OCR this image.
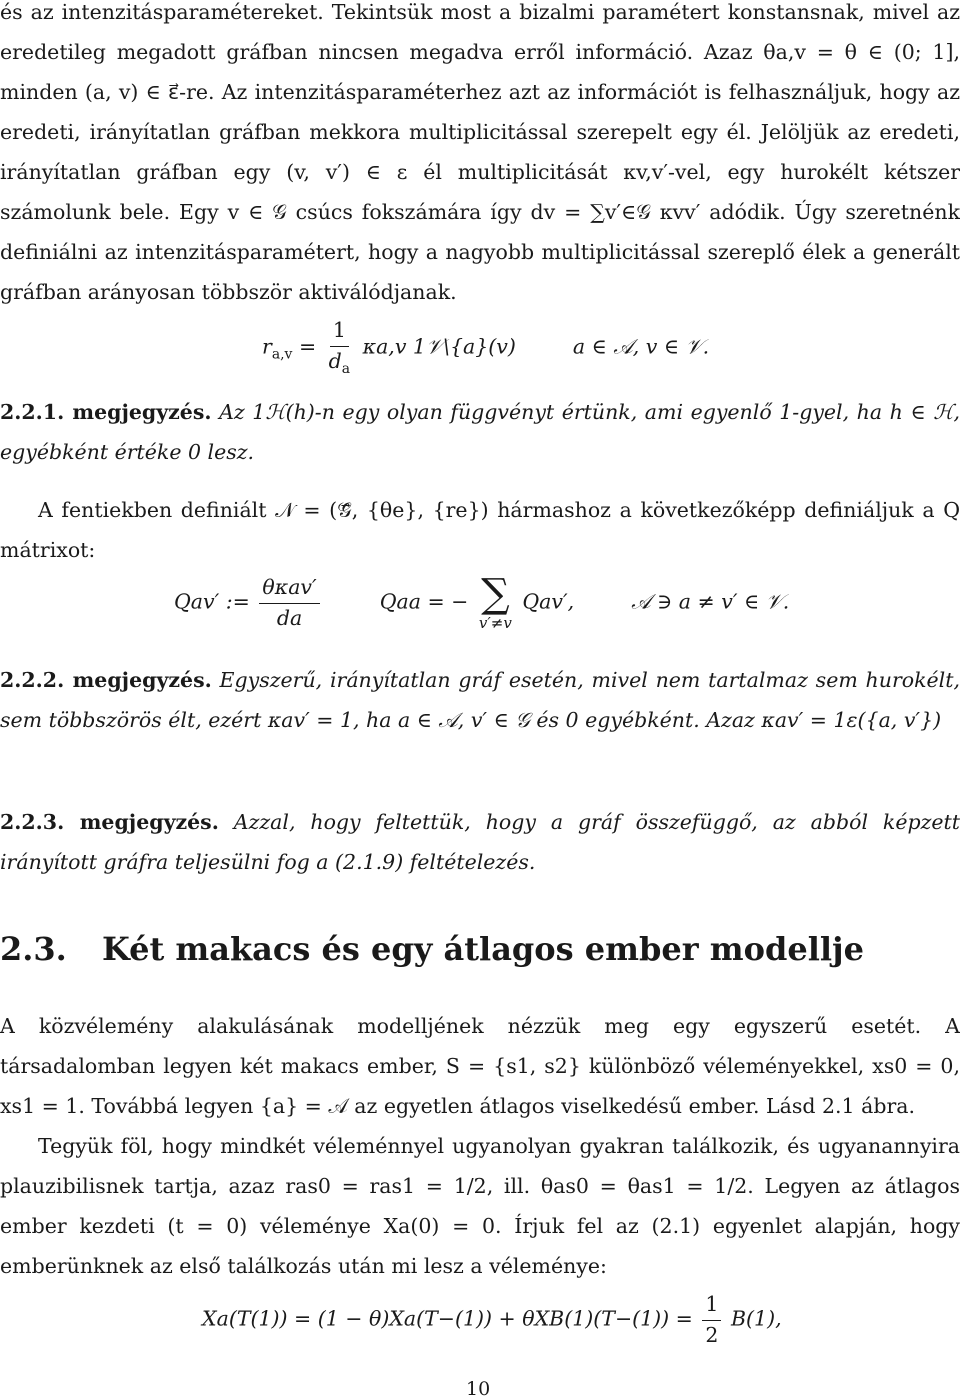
és az intenzitásparamétereket. Tekintsük most a bizalmi paramétert konstansnak, mivel az eredetileg megadott gráfban nincsen megadva erről információ. Azaz θa,v = θ ∈ (0; 1], minden (a, v) ∈ ε⃗-re. Az intenzitásparaméterhez azt az információt is felhasználjuk, hogy az eredeti, irányítatlan gráfban mekkora multiplicitással szerepelt egy él. Jelöljük az eredeti, irányítatlan gráfban egy (v, v′) ∈ ε él multiplicitását κv,v′-vel, egy hurokélt kétszer számolunk bele. Egy v ∈ 𝒢 csúcs fokszámára így dv = ∑v′∈𝒢 κvv′ adódik. Úgy szeretnénk definiálni az intenzitásparamétert, hogy a nagyobb multiplicitással szereplő élek a generált gráfban arányosan többször aktiválódjanak.

$r_{a,v} = \frac{1}{d_a} \kappa a,v$ 1𝒱\{a}(v)	a ∈ 𝒜, v ∈ 𝒱.

2.2.1. megjegyzés. Az 1ℋ(h)-n egy olyan függvényt értünk, ami egyenlő 1-gyel, ha h ∈ ℋ, egyébként értéke 0 lesz.

A fentiekben definiált 𝒩 = (𝒢⃗, {θe}, {re}) hármashoz a következőképp definiáljuk a Q mátrixot:

Qav′ := $\frac{\text{θκav′}}{da}$	Qaa = − ∑
v′≠v
Qav′,	𝒜 ∋ a ≠ v′ ∈ 𝒱.

2.2.2. megjegyzés. Egyszerű, irányítatlan gráf esetén, mivel nem tartalmaz sem hurokélt, sem többszörös élt, ezért κav′ = 1, ha a ∈ 𝒜, v′ ∈ 𝒢 és 0 egyébként. Azaz κav′ = 1ε({a, v′})

2.2.3. megjegyzés. Azzal, hogy feltettük, hogy a gráf összefüggő, az abból képzett irányított gráfra teljesülni fog a (2.1.9) feltételezés.

2.3. Két makacs és egy átlagos ember modellje

A közvélemény alakulásának modelljének nézzük meg egy egyszerű esetét. A társadalomban legyen két makacs ember, S = {s1, s2} különböző véleményekkel, xs0 = 0, xs1 = 1. Továbbá legyen {a} = 𝒜 az egyetlen átlagos viselkedésű ember. Lásd 2.1 ábra.

Tegyük föl, hogy mindkét véleménnyel ugyanolyan gyakran találkozik, és ugyanannyira plauzibilisnek tartja, azaz ras0 = ras1 = 1/2, ill. θas0 = θas1 = 1/2. Legyen az átlagos ember kezdeti (t = 0) véleménye Xa(0) = 0. Írjuk fel az (2.1) egyenlet alapján, hogy emberünknek az első találkozás után mi lesz a véleménye:

$Xa(T(1)) = (1 - \theta)Xa(T-(1)) + \theta XB(1)(T-(1)) = \frac{1}{2} B(1)$,
10
